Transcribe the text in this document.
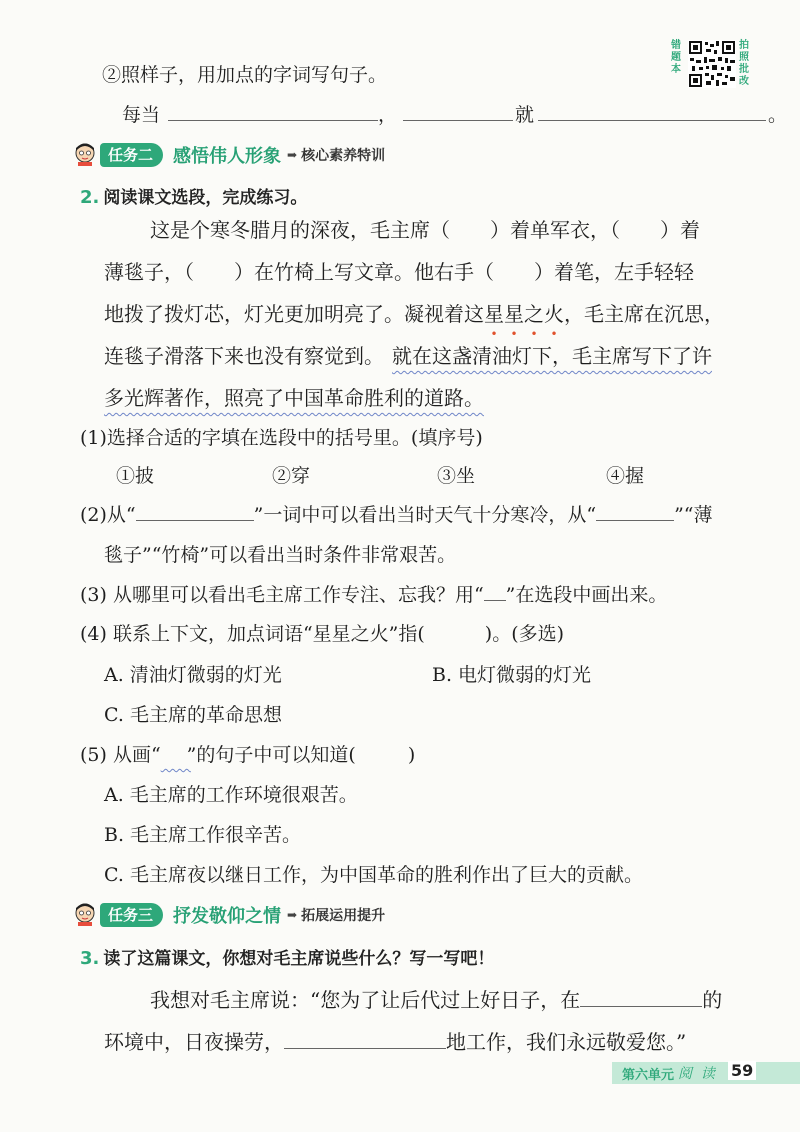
错题本
拍照批改
②照样子，用加点的字词写句子。
每当	，	就	。
任务二	感悟伟人形象 ➡ 核心素养特训
2. 阅读课文选段，完成练习。
这是个寒冬腊月的深夜，毛主席（ ）着单军衣，（ ）着
薄毯子，（ ）在竹椅上写文章。他右手（ ）着笔，左手轻轻
地拨了拨灯芯，灯光更加明亮了。凝视着这星星之火，毛主席在沉思，
连毯子滑落下来也没有察觉到。 就在这盏清油灯下，毛主席写下了许
多光辉著作，照亮了中国革命胜利的道路。
(1)选择合适的字填在选段中的括号里。(填序号)
①披	②穿	③坐	④握
(2)从“	”一词中可以看出当时天气十分寒冷，从“	”“薄
毯子”“竹椅”可以看出当时条件非常艰苦。
(3) 从哪里可以看出毛主席工作专注、忘我？用“ ”在选段中画出来。
(4) 联系上下文，加点词语“星星之火”指(	)。(多选)
A. 清油灯微弱的灯光	B. 电灯微弱的灯光
C. 毛主席的革命思想
(5) 从画“​     ”的句子中可以知道(	)
A. 毛主席的工作环境很艰苦。
B. 毛主席工作很辛苦。
C. 毛主席夜以继日工作，为中国革命的胜利作出了巨大的贡献。
任务三	抒发敬仰之情 ➡ 拓展运用提升
3. 读了这篇课文，你想对毛主席说些什么？写一写吧！
我想对毛主席说：“您为了让后代过上好日子，在	的
环境中，日夜操劳，	地工作，我们永远敬爱您。”
第六单元 阅  读 59
